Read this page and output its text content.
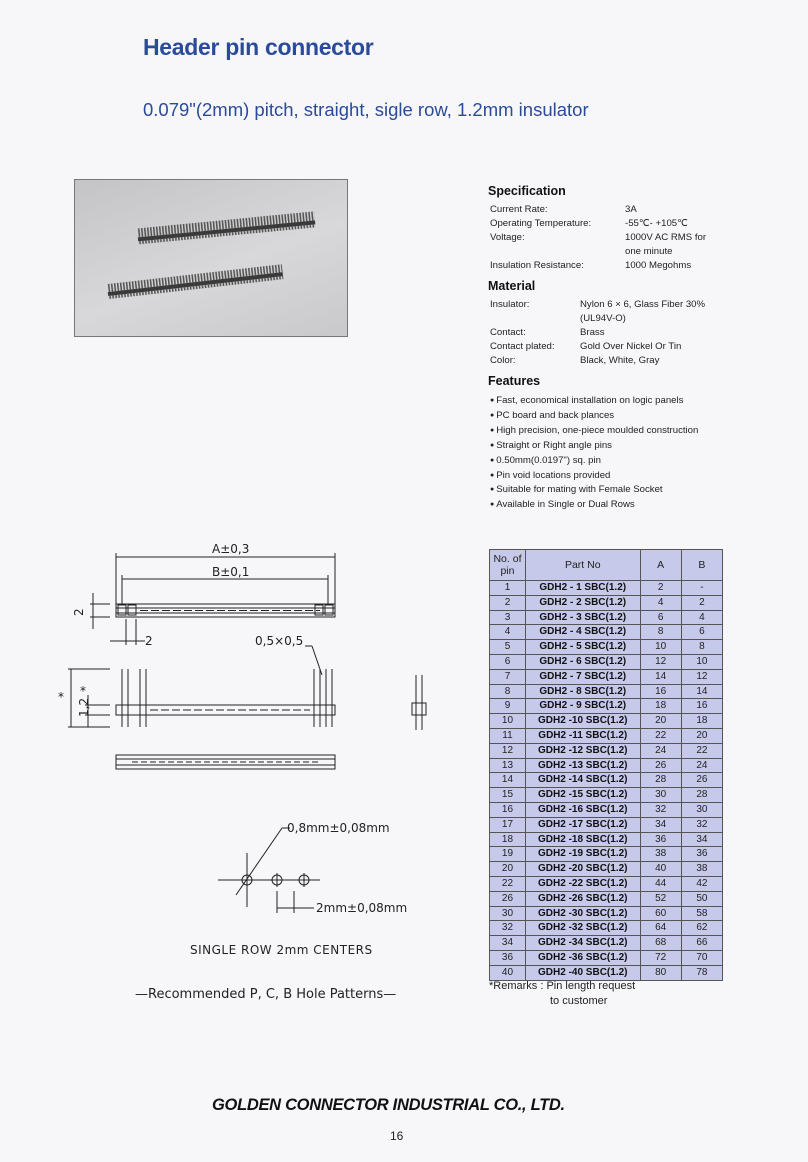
Header pin connector
0.079"(2mm) pitch, straight, sigle row, 1.2mm insulator
Specification
Current Rate:	3A
Operating Temperature:	-55℃- +105℃
Voltage:	1000V AC RMS for
one minute
Insulation Resistance:	1000 Megohms
Material
Insulator:	Nylon 6 × 6, Glass Fiber 30%
(UL94V-O)
Contact:	Brass
Contact plated:	Gold Over Nickel Or Tin
Color:	Black, White, Gray
Features
● Fast, economical installation on logic panels
● PC board and back plances
● High precision, one-piece moulded construction
● Straight or Right angle pins
● 0.50mm(0.0197") sq. pin
● Pin void locations provided
● Suitable for mating with Female Socket
● Available in Single or Dual Rows
A±0,3
B±0,1
2
2	0,5×0,5
* *
1,2
0,8mm±0,08mm
2mm±0,08mm
SINGLE ROW 2mm CENTERS
—Recommended P, C, B Hole Patterns—
No. of
pin	Part No	A	B
1	GDH2 - 1 SBC(1.2)	2	-
2	GDH2 - 2 SBC(1.2)	4	2
3	GDH2 - 3 SBC(1.2)	6	4
4	GDH2 - 4 SBC(1.2)	8	6
5	GDH2 - 5 SBC(1.2)	10	8
6	GDH2 - 6 SBC(1.2)	12	10
7	GDH2 - 7 SBC(1.2)	14	12
8	GDH2 - 8 SBC(1.2)	16	14
9	GDH2 - 9 SBC(1.2)	18	16
10	GDH2 -10 SBC(1.2)	20	18
11	GDH2 -11 SBC(1.2)	22	20
12	GDH2 -12 SBC(1.2)	24	22
13	GDH2 -13 SBC(1.2)	26	24
14	GDH2 -14 SBC(1.2)	28	26
15	GDH2 -15 SBC(1.2)	30	28
16	GDH2 -16 SBC(1.2)	32	30
17	GDH2 -17 SBC(1.2)	34	32
18	GDH2 -18 SBC(1.2)	36	34
19	GDH2 -19 SBC(1.2)	38	36
20	GDH2 -20 SBC(1.2)	40	38
22	GDH2 -22 SBC(1.2)	44	42
26	GDH2 -26 SBC(1.2)	52	50
30	GDH2 -30 SBC(1.2)	60	58
32	GDH2 -32 SBC(1.2)	64	62
34	GDH2 -34 SBC(1.2)	68	66
36	GDH2 -36 SBC(1.2)	72	70
40	GDH2 -40 SBC(1.2)	80	78
*Remarks : Pin length request
to customer
GOLDEN CONNECTOR INDUSTRIAL CO., LTD.
16
